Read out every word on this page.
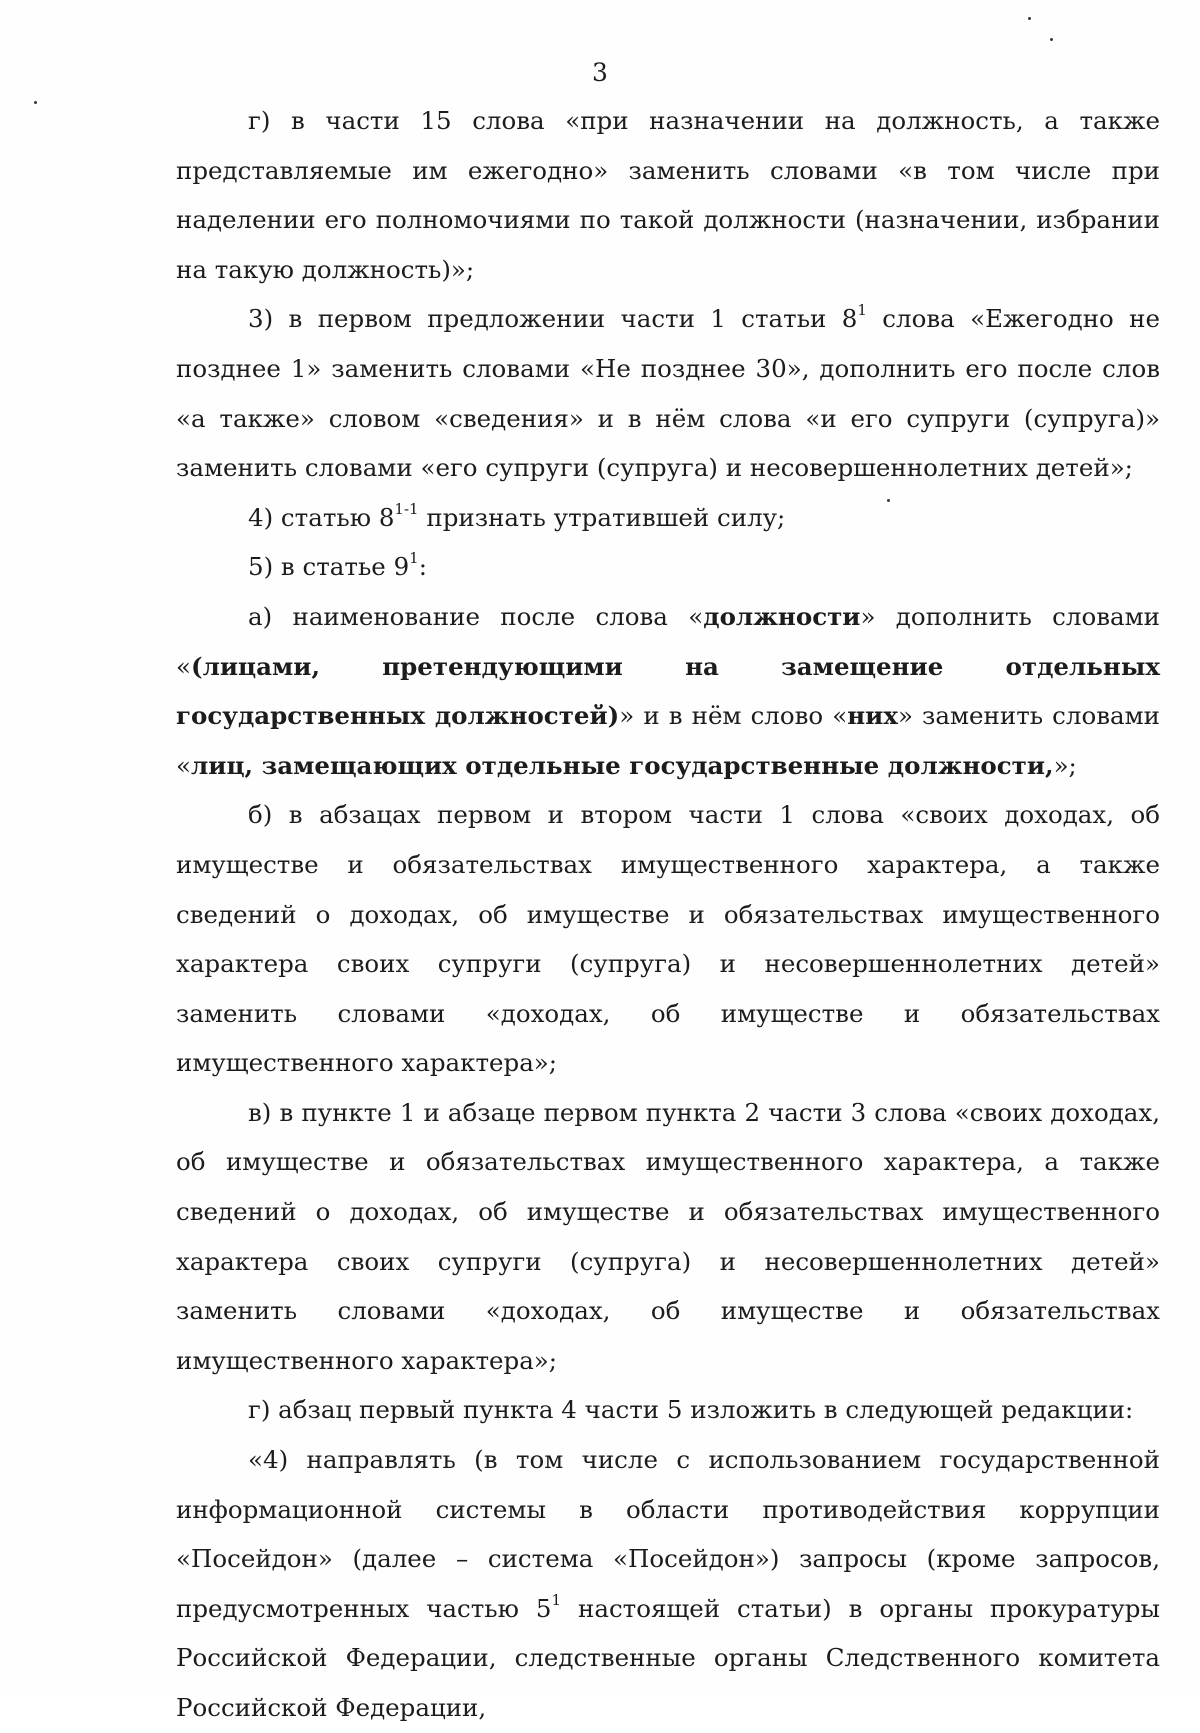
3

г) в части 15 слова «при назначении на должность, а также представляемые им ежегодно» заменить словами «в том числе при наделении его полномочиями по такой должности (назначении, избрании на такую должность)»;

3) в первом предложении части 1 статьи $8^1$ слова «Ежегодно не позднее 1» заменить словами «Не позднее 30», дополнить его после слов «а также» словом «сведения» и в нём слова «и его супруги (супруга)» заменить словами «его супруги (супруга) и несовершеннолетних детей»;

4) статью 8$^{1-1}$ признать утратившей силу;

5) в статье $9^1$:

а) наименование после слова «должности» дополнить словами «(лицами, претендующими на замещение отдельных государственных должностей)» и в нём слово «них» заменить словами «лиц, замещающих отдельные государственные должности,»;

б) в абзацах первом и втором части 1 слова «своих доходах, об имуществе и обязательствах имущественного характера, а также сведений о доходах, об имуществе и обязательствах имущественного характера своих супруги (супруга) и несовершеннолетних детей» заменить словами «доходах, об имуществе и обязательствах имущественного характера»;

в) в пункте 1 и абзаце первом пункта 2 части 3 слова «своих доходах, об имуществе и обязательствах имущественного характера, а также сведений о доходах, об имуществе и обязательствах имущественного характера своих супруги (супруга) и несовершеннолетних детей» заменить словами «доходах, об имуществе и обязательствах имущественного характера»;

г) абзац первый пункта 4 части 5 изложить в следующей редакции:

«4) направлять (в том числе с использованием государственной информационной системы в области противодействия коррупции «Посейдон» (далее – система «Посейдон») запросы (кроме запросов, предусмотренных частью $5^1$ настоящей статьи) в органы прокуратуры Российской Федерации, следственные органы Следственного комитета Российской Федерации,
